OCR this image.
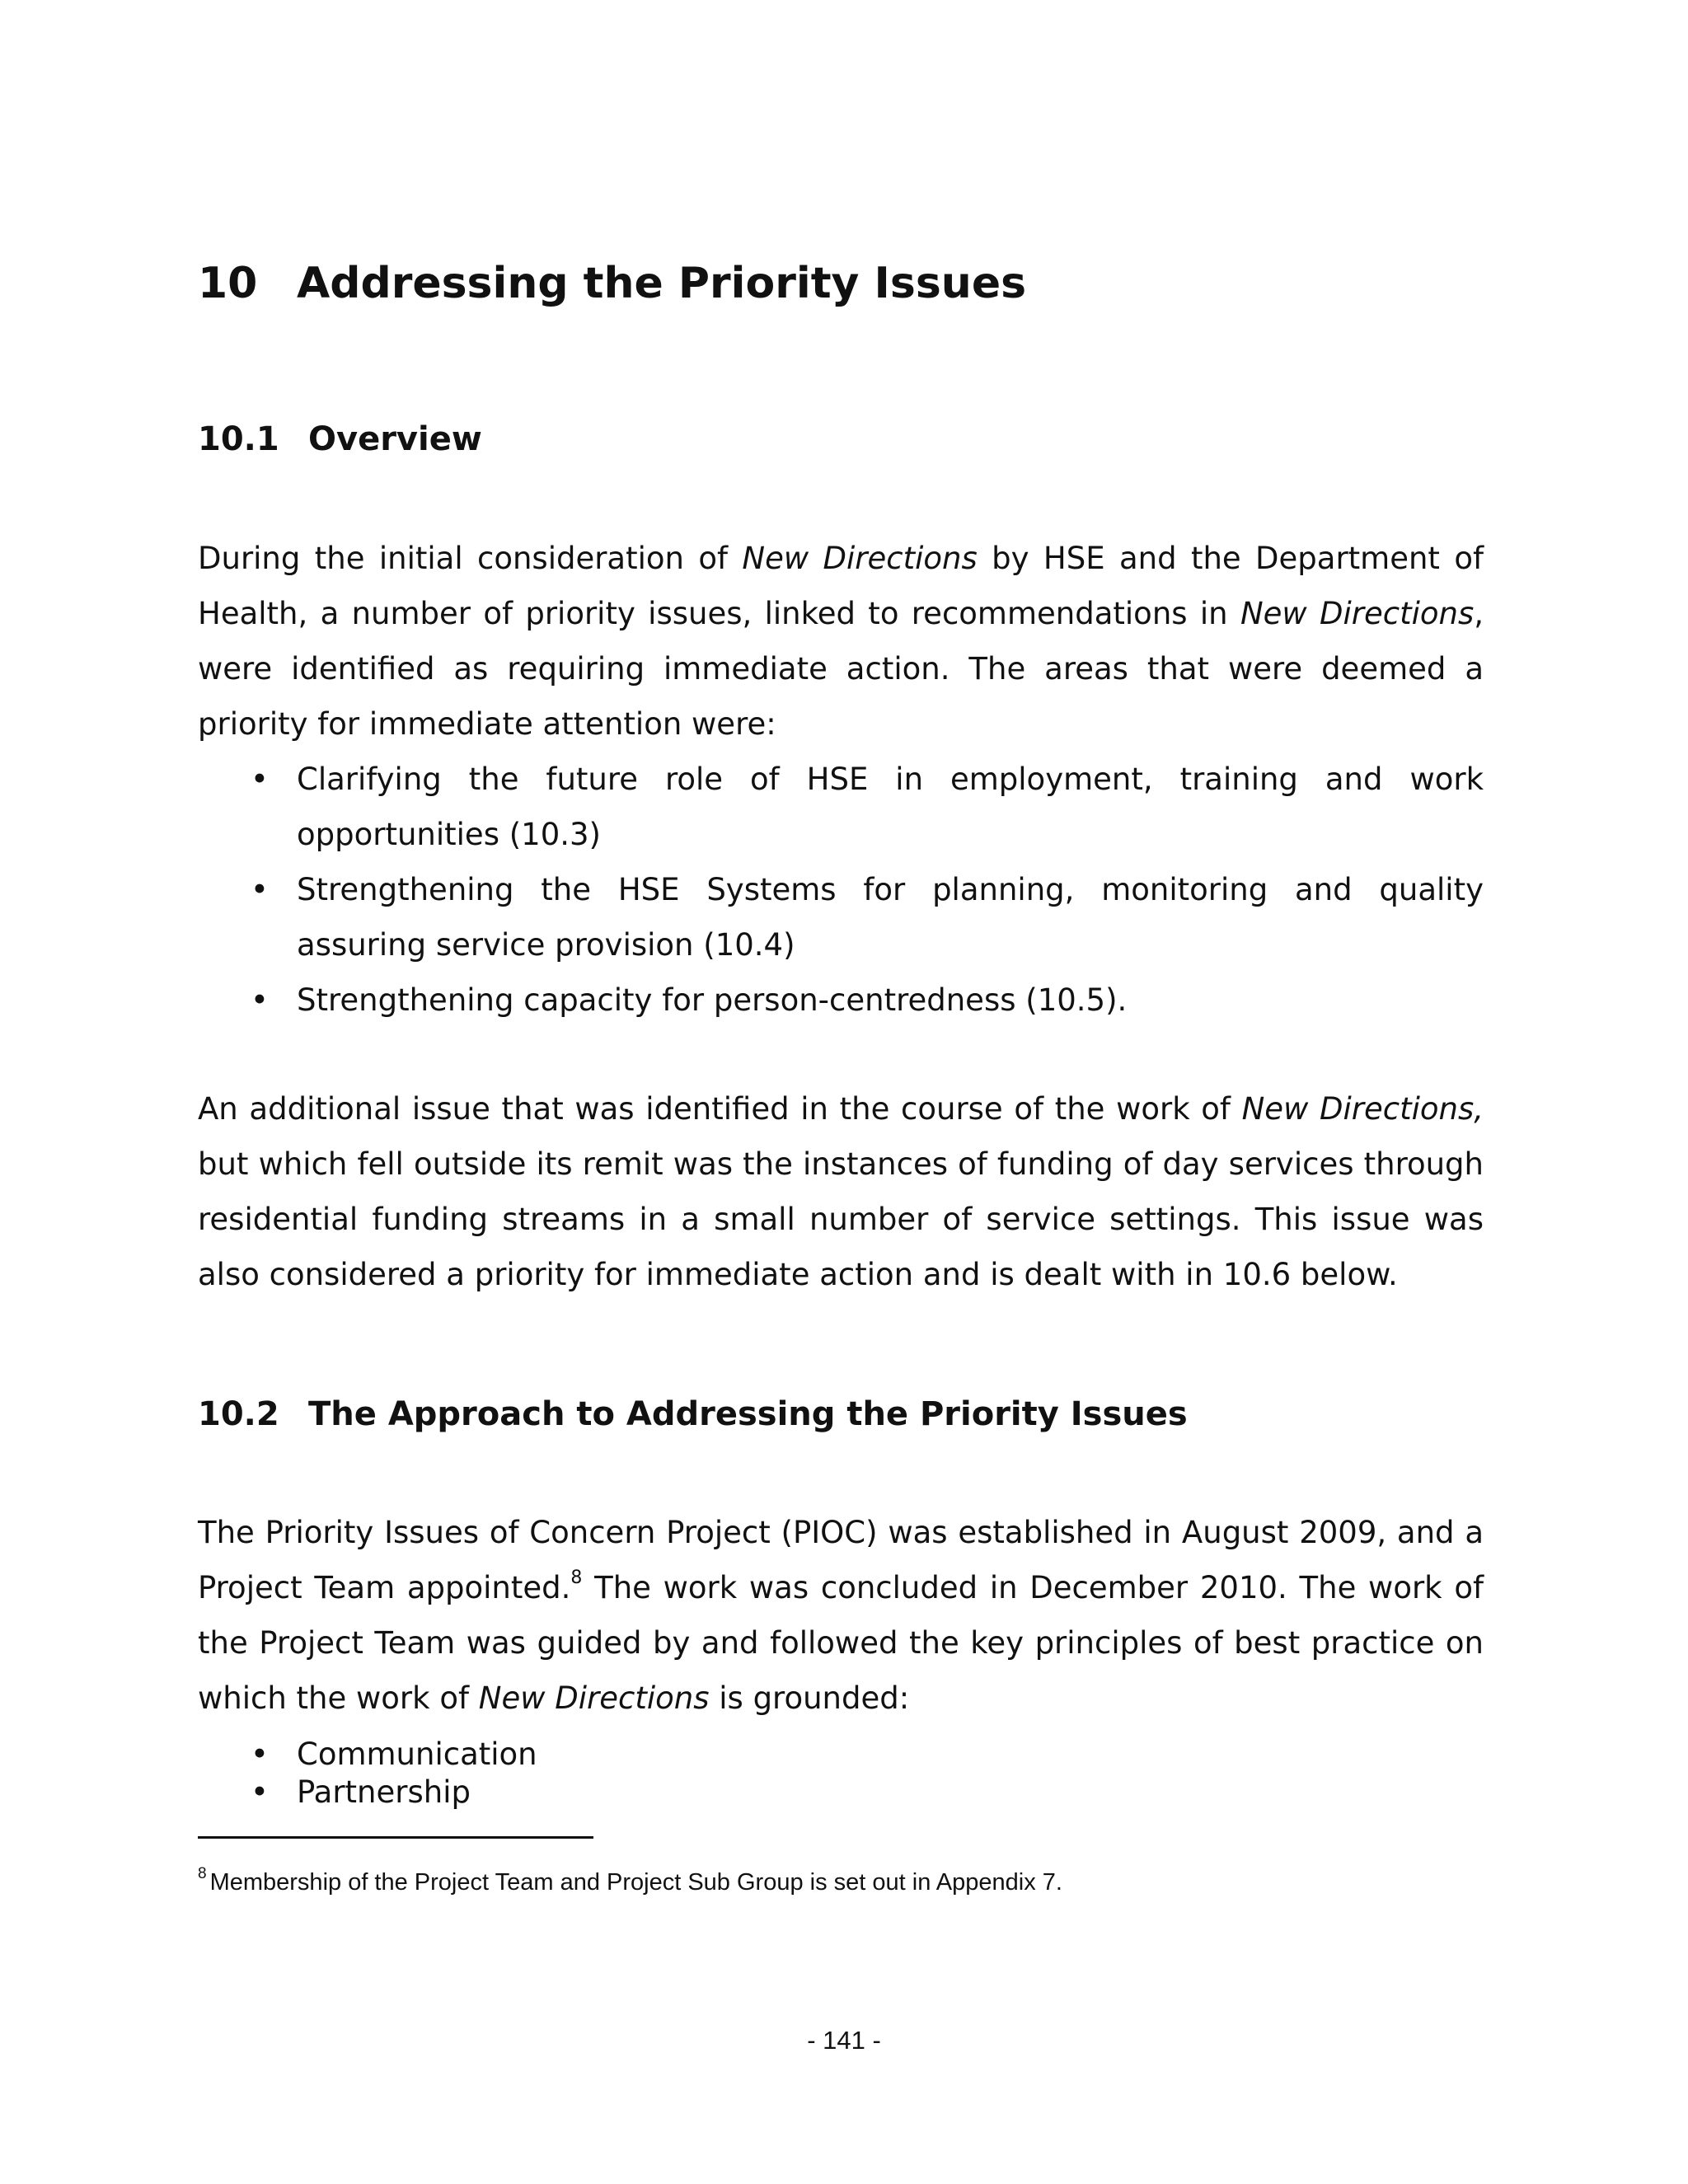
10 Addressing the Priority Issues
10.1 Overview

During the initial consideration of New Directions by HSE and the Department of Health, a number of priority issues, linked to recommendations in New Directions, were identified as requiring immediate action. The areas that were deemed a priority for immediate attention were:

• Clarifying the future role of HSE in employment, training and work opportunities (10.3)
• Strengthening the HSE Systems for planning, monitoring and quality assuring service provision (10.4)
• Strengthening capacity for person-centredness (10.5).

An additional issue that was identified in the course of the work of New Directions, but which fell outside its remit was the instances of funding of day services through residential funding streams in a small number of service settings. This issue was also considered a priority for immediate action and is dealt with in 10.6 below.

10.2 The Approach to Addressing the Priority Issues

The Priority Issues of Concern Project (PIOC) was established in August 2009, and a Project Team appointed.$^8$ The work was concluded in December 2010. The work of the Project Team was guided by and followed the key principles of best practice on which the work of New Directions is grounded:

• Communication
• Partnership

$^8$ Membership of the Project Team and Project Sub Group is set out in Appendix 7.

- 141 -
